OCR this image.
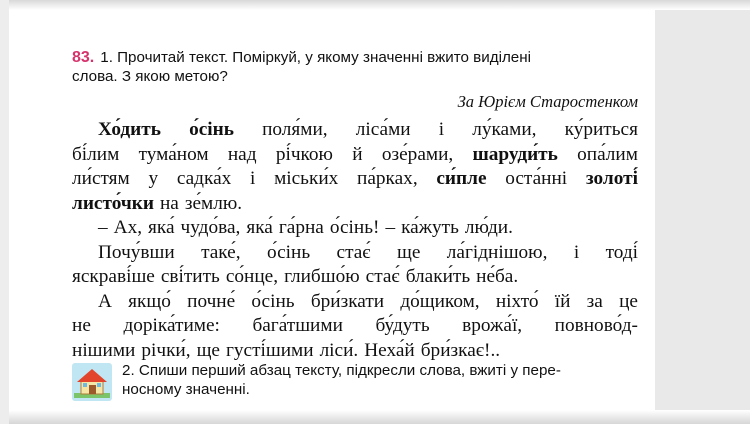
83. 1. Прочитай текст. Поміркуй, у якому значенні вжито виділені
слова. З якою метою?
За Юрієм Старостенком
Хо́дить о́сінь поля́ми, ліса́ми і лу́ками, ку́риться
бі́лим тума́ном над рі́чкою й озе́рами, шаруди́ть опа́лим
ли́стям у садка́х і міськи́х па́рках, си́пле оста́нні золоті́
листо́чки на зе́млю.
– Ах, яка́ чудо́ва, яка́ га́рна о́сінь! – ка́жуть лю́ди.
Почу́вши таке́, о́сінь стає́ ще ла́гіднішою, і тоді́
яскраві́ше сві́тить со́нце, глибшо́ю стає́ блаки́ть не́ба.
А якщо́ почне́ о́сінь бри́зкати до́щиком, ніхто́ їй за це
не доріка́тиме: бага́тшими бу́дуть врожа́ї, повново́д-
нішими річки́, ще густі́шими ліси́. Неха́й бри́зкає!..
2. Спиши перший абзац тексту, підкресли слова, вжиті у пере-
носному значенні.
